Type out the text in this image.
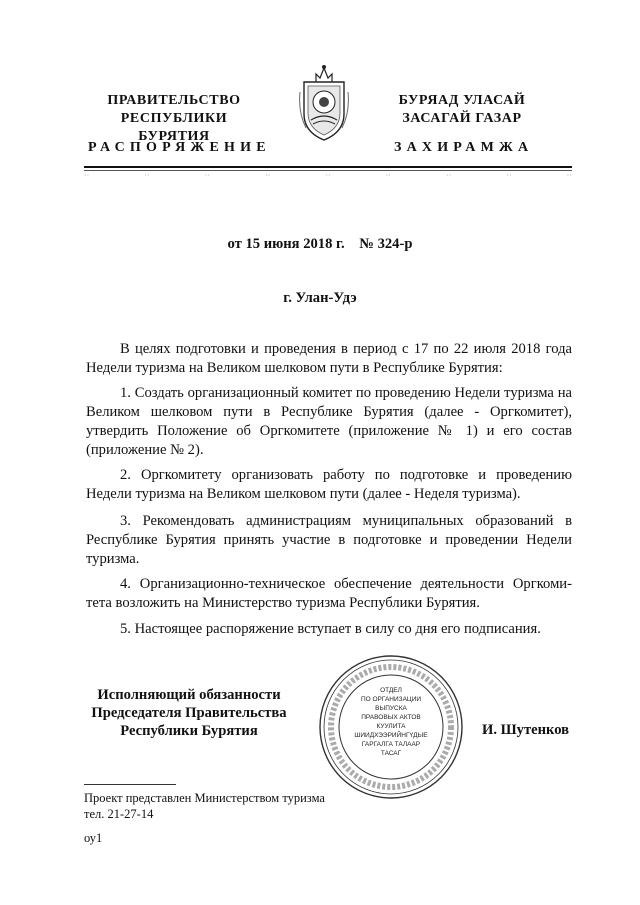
ПРАВИТЕЛЬСТВО
РЕСПУБЛИКИ БУРЯТИЯ
РАСПОРЯЖЕНИЕ
БУРЯАД УЛАСАЙ
ЗАСАГАЙ ГАЗАР
ЗАХИРАМЖА
··	··	··	··	··	··	··	··	··
от 15 июня 2018 г.    № 324-р
г. Улан-Удэ
В целях подготовки и проведения в период с 17 по 22 июля 2018 года Недели туризма на Великом шелковом пути в Республике Бурятия:
1. Создать организационный комитет по проведению Недели туризма на Великом шелковом пути в Республике Бурятия (далее - Оргкомитет), утвердить Положение об Оргкомитете (приложение № 1) и его состав (приложение № 2).
2. Оргкомитету организовать работу по подготовке и проведению Недели туризма на Великом шелковом пути (далее - Неделя туризма).
3. Рекомендовать администрациям муниципальных образований в Республике Бурятия принять участие в подготовке и проведении Недели туризма.
4. Организационно-техническое обеспечение деятельности Оргкомитета возложить на Министерство туризма Республики Бурятия.
5. Настоящее распоряжение вступает в силу со дня его подписания.
Исполняющий обязанности
Председателя Правительства
Республики Бурятия	И. Шутенков
ОТДЕЛ
ПО ОРГАНИЗАЦИИ
ВЫПУСКА
ПРАВОВЫХ АКТОВ
КУУЛИТА
ШИИДХЭЭРИЙНГҮДЫЕ
ГАРГАЛГА ТАЛААР
ТАСАГ
Проект представлен Министерством туризма
тел. 21-27-14
оу1
